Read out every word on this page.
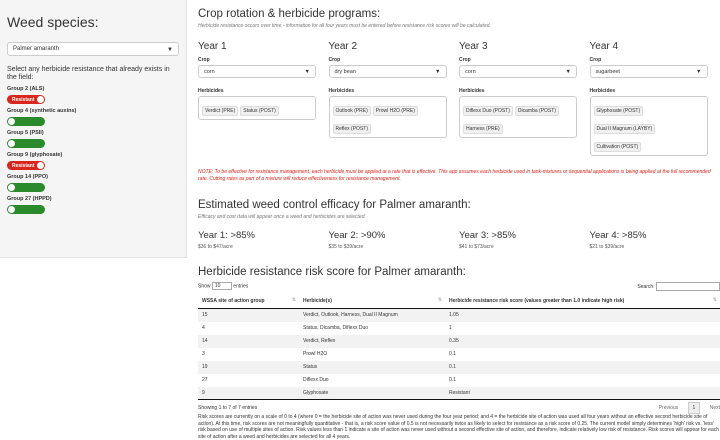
Weed species:
Palmer amaranth	▼
Select any herbicide resistance that already exists in the field:
Group 2 (ALS)
Resistant
Group 4 (synthetic auxins)
Group 5 (PSII)
Group 9 (glyphosate)
Resistant
Group 14 (PPO)
Group 27 (HPPD)
Crop rotation & herbicide programs:
Herbicide resistance occurs over time - information for all four years must be entered before resistance risk scores will be calculated.
Year 1
Crop
corn	▼
Herbicides
Verdict (PRE) Status (POST)
Year 2
Crop
dry bean	▼
Herbicides
Outlook (PRE) Prowl H2O (PRE)Reflex (POST)
Year 3
Crop
corn	▼
Herbicides
Diflexx Duo (POST) Dicamba (POST)Harness (PRE)
Year 4
Crop
sugarbeet	▼
Herbicides
Glyphosate (POST)Dual II Magnum (LAYBY)Cultivation (POST)
NOTE: To be effective for resistance management, each herbicide must be applied at a rate that is effective. This app assumes each herbicide used in tank-mixtures or sequential applications is being applied at the full recommended rate. Cutting rates as part of a mixture will reduce effectiveness for resistance management.
Estimated weed control efficacy for Palmer amaranth:
Efficacy and cost data will appear once a weed and herbicides are selected.
Year 1: >85%
$36 to $47/acre
Year 2: >90%
$35 to $39/acre
Year 3: >85%
$41 to $73/acre
Year 4: >85%
$21 to $39/acre
Herbicide resistance risk score for Palmer amaranth:
Show 10	entries	Search:
WSSA site of action group ⇅	Herbicide(s) ⇅	Herbicide resistance risk score (values greater than 1.0 indicate high risk) ⇅

15	Verdict, Outlook, Harness, Dual II Magnum	1.05
4	Status, Dicamba, Diflexx Duo	1
14	Verdict, Reflex	0.35
3	Prowl H2O	0.1
19	Status	0.1
27	Diflexx Duo	0.1
9	Glyphosate	Resistant
Showing 1 to 7 of 7 entries	Previous	1	Next
Risk scores are currently on a scale of 0 to 4 (where 0 = the herbicide site of action was never used during the four year period; and 4 = the herbicide site of action was used all four years without an effective second herbicide site of action). At this time, risk scores are not meaningfully quantitative - that is, a risk score value of 0.5 is not necessarily twice as likely to select for resistance as a risk score of 0.25. The current model simply determines 'high' risk vs. 'less' risk based on use of multiple sites of action. Risk values less than 1 indicate a site of action was never used without a second effective site of action, and therefore, indicate relatively low risk of resistance. Risk scores will appear for each site of action after a weed and herbicides are selected for all 4 years.
